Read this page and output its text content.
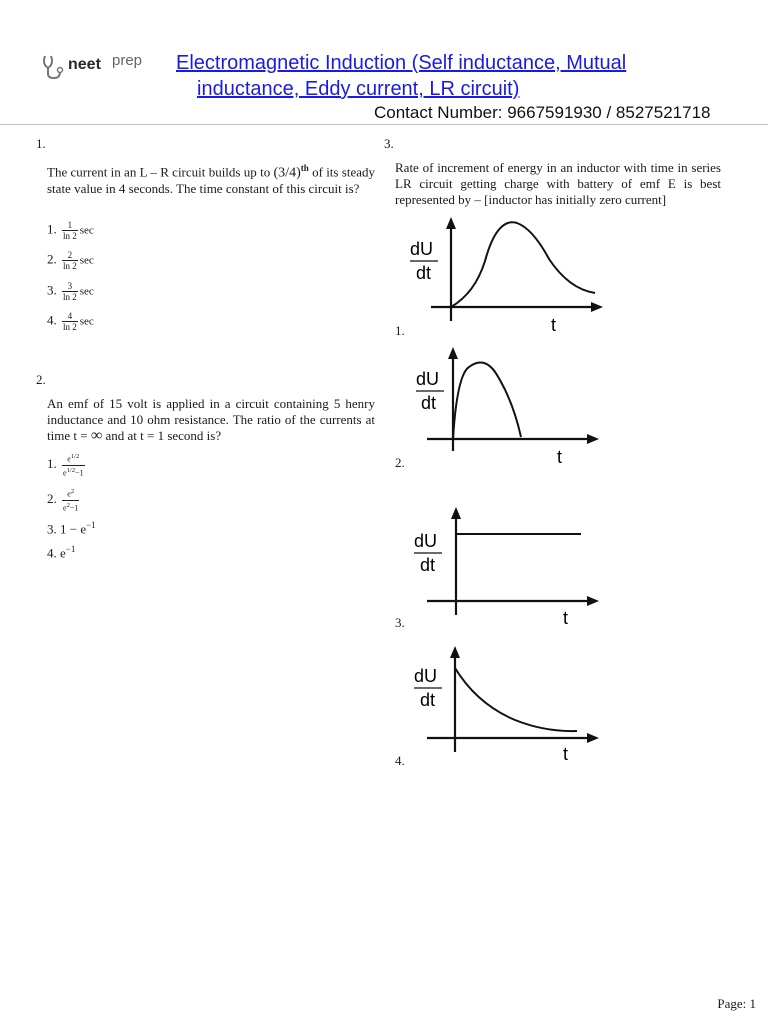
neet prep Electromagnetic Induction (Self inductance, Mutual
inductance, Eddy current, LR circuit)
Contact Number: 9667591930 / 8527521718
1.
The current in an L – R circuit builds up to $(3/4)^{th}$ of its steady state value in 4 seconds. The time constant of this circuit is?
1. $\frac{1}{\ln 2}$ sec
2. $\frac{2}{\ln 2}$ sec
3. $\frac{3}{\ln 2}$ sec
4. $\frac{4}{\ln 2}$ sec
2.
An emf of 15 volt is applied in a circuit containing 5 henry inductance and 10 ohm resistance. The ratio of the currents at time t = ∞ and at t = 1 second is?
1. $\frac{e^{1/2}}{e^{1/2}-1}$
2. $\frac{e^2}{e^2-1}$
3. $1 - e^{-1}$
4. $e^{-1}$
3.
Rate of increment of energy in an inductor with time in series LR circuit getting charge with battery of emf E is best represented by – [inductor has initially zero current]
dU
dt
t
1.
dU
dt
t
2.
dU
dt
t
3.
dU
dt
t
4.
Page: 1
